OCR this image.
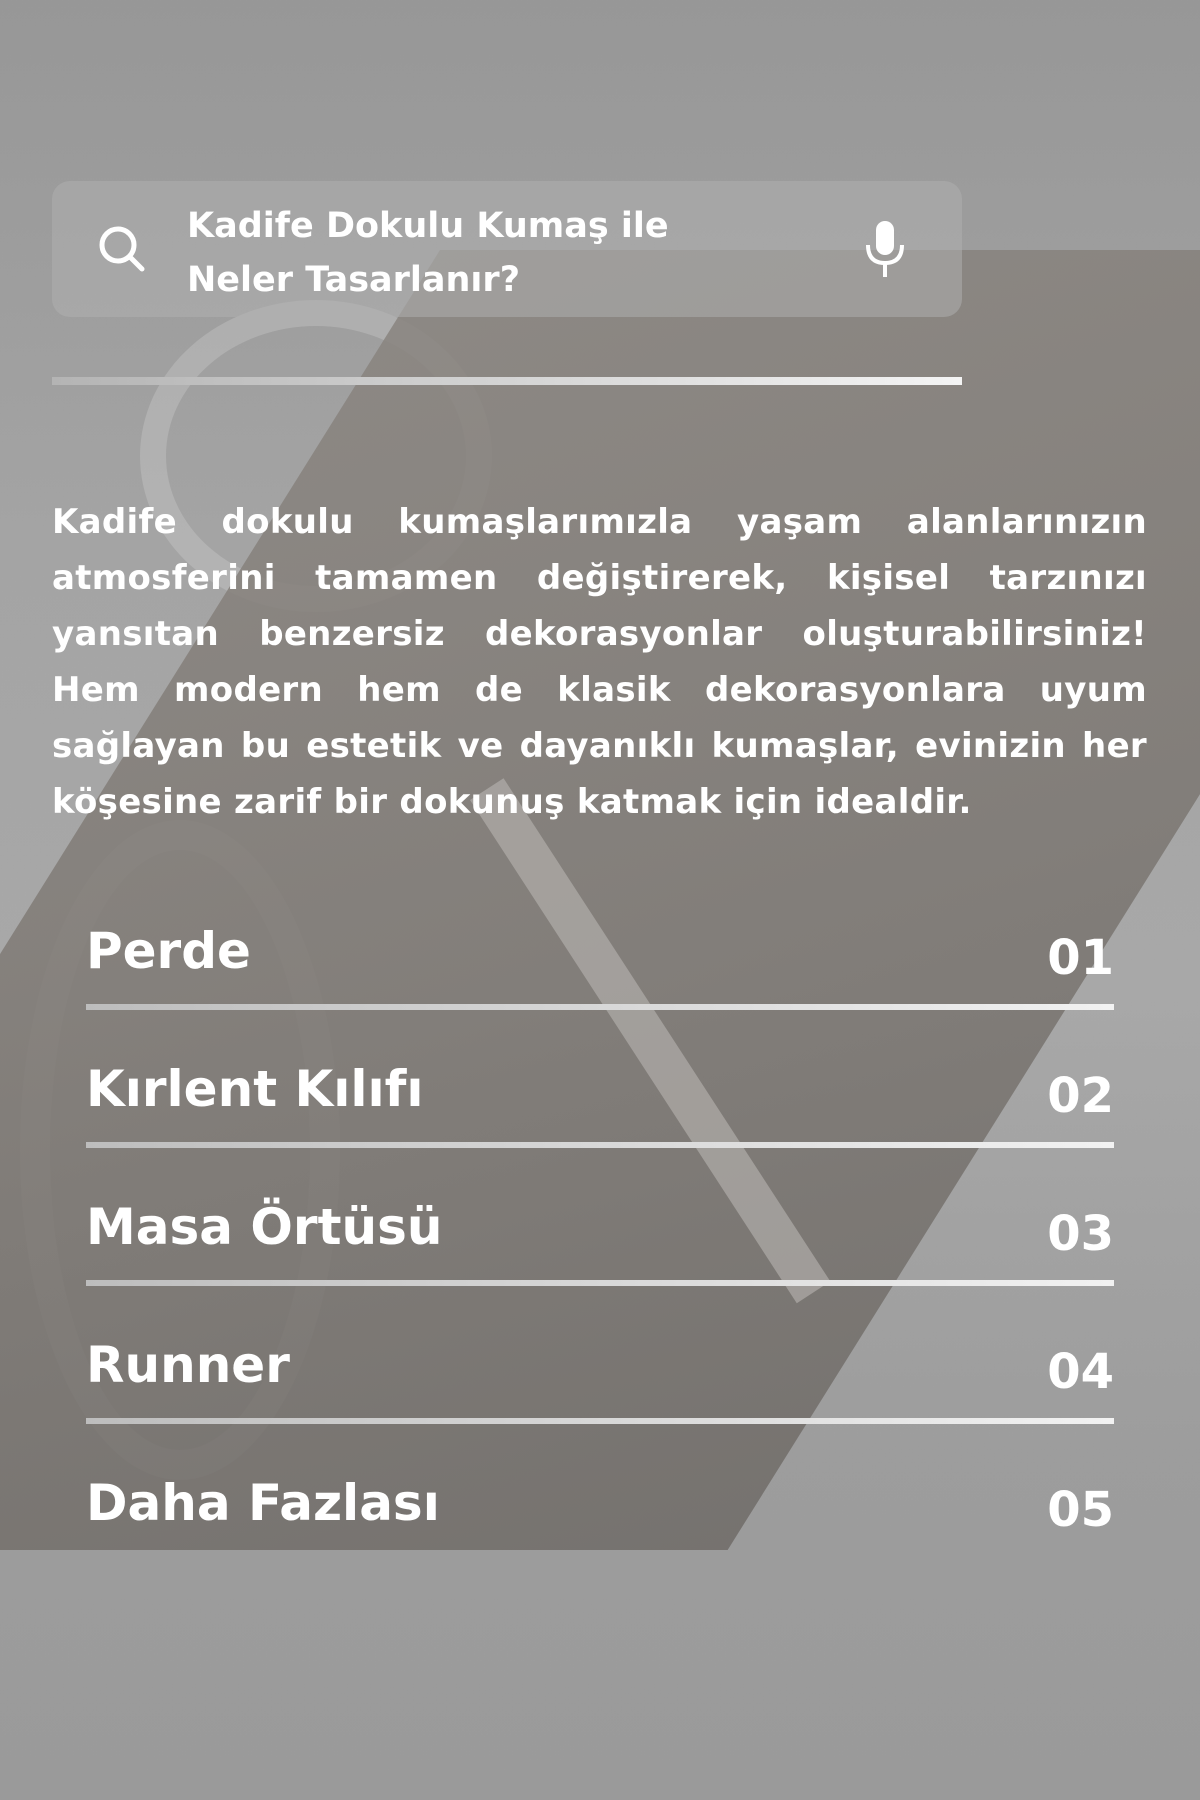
Kadife Dokulu Kumaş ile
Neler Tasarlanır?

Kadife dokulu kumaşlarımızla yaşam alanlarınızın atmosferini tamamen değiştirerek, kişisel tarzınızı yansıtan benzersiz dekorasyonlar oluşturabilirsiniz! Hem modern hem de klasik dekorasyonlara uyum sağlayan bu estetik ve dayanıklı kumaşlar, evinizin her köşesine zarif bir dokunuş katmak için idealdir.

Perde	01
Kırlent Kılıfı	02
Masa Örtüsü	03
Runner	04
Daha Fazlası	05
